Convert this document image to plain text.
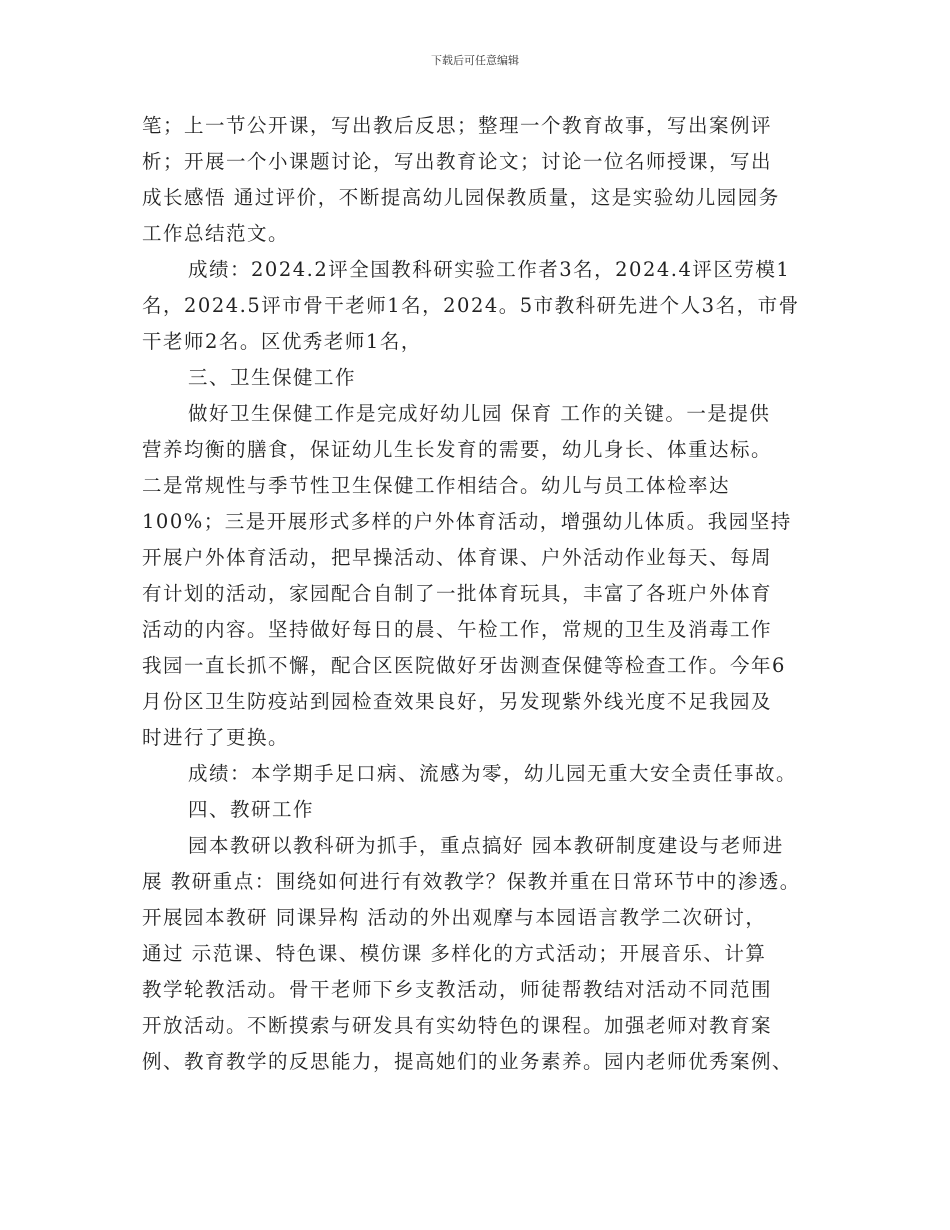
下载后可任意编辑
笔；上一节公开课，写出教后反思；整理一个教育故事，写出案例评
析；开展一个小课题讨论，写出教育论文；讨论一位名师授课，写出
成长感悟 通过评价，不断提高幼儿园保教质量，这是实验幼儿园园务
工作总结范文。
成绩：2024.2评全国教科研实验工作者3名，2024.4评区劳模1
名，2024.5评市骨干老师1名，2024。5市教科研先进个人3名，市骨
干老师2名。区优秀老师1名，
三、卫生保健工作
做好卫生保健工作是完成好幼儿园 保育 工作的关键。一是提供
营养均衡的膳食，保证幼儿生长发育的需要，幼儿身长、体重达标。
二是常规性与季节性卫生保健工作相结合。幼儿与员工体检率达
100%；三是开展形式多样的户外体育活动，增强幼儿体质。我园坚持
开展户外体育活动，把早操活动、体育课、户外活动作业每天、每周
有计划的活动，家园配合自制了一批体育玩具，丰富了各班户外体育
活动的内容。坚持做好每日的晨、午检工作，常规的卫生及消毒工作
我园一直长抓不懈，配合区医院做好牙齿测查保健等检查工作。今年6
月份区卫生防疫站到园检查效果良好，另发现紫外线光度不足我园及
时进行了更换。
成绩：本学期手足口病、流感为零，幼儿园无重大安全责任事故。
四、教研工作
园本教研以教科研为抓手，重点搞好 园本教研制度建设与老师进
展 教研重点：围绕如何进行有效教学？保教并重在日常环节中的渗透。
开展园本教研 同课异构 活动的外出观摩与本园语言教学二次研讨，
通过 示范课、特色课、模仿课 多样化的方式活动；开展音乐、计算
教学轮教活动。骨干老师下乡支教活动，师徒帮教结对活动不同范围
开放活动。不断摸索与研发具有实幼特色的课程。加强老师对教育案
例、教育教学的反思能力，提高她们的业务素养。园内老师优秀案例、
